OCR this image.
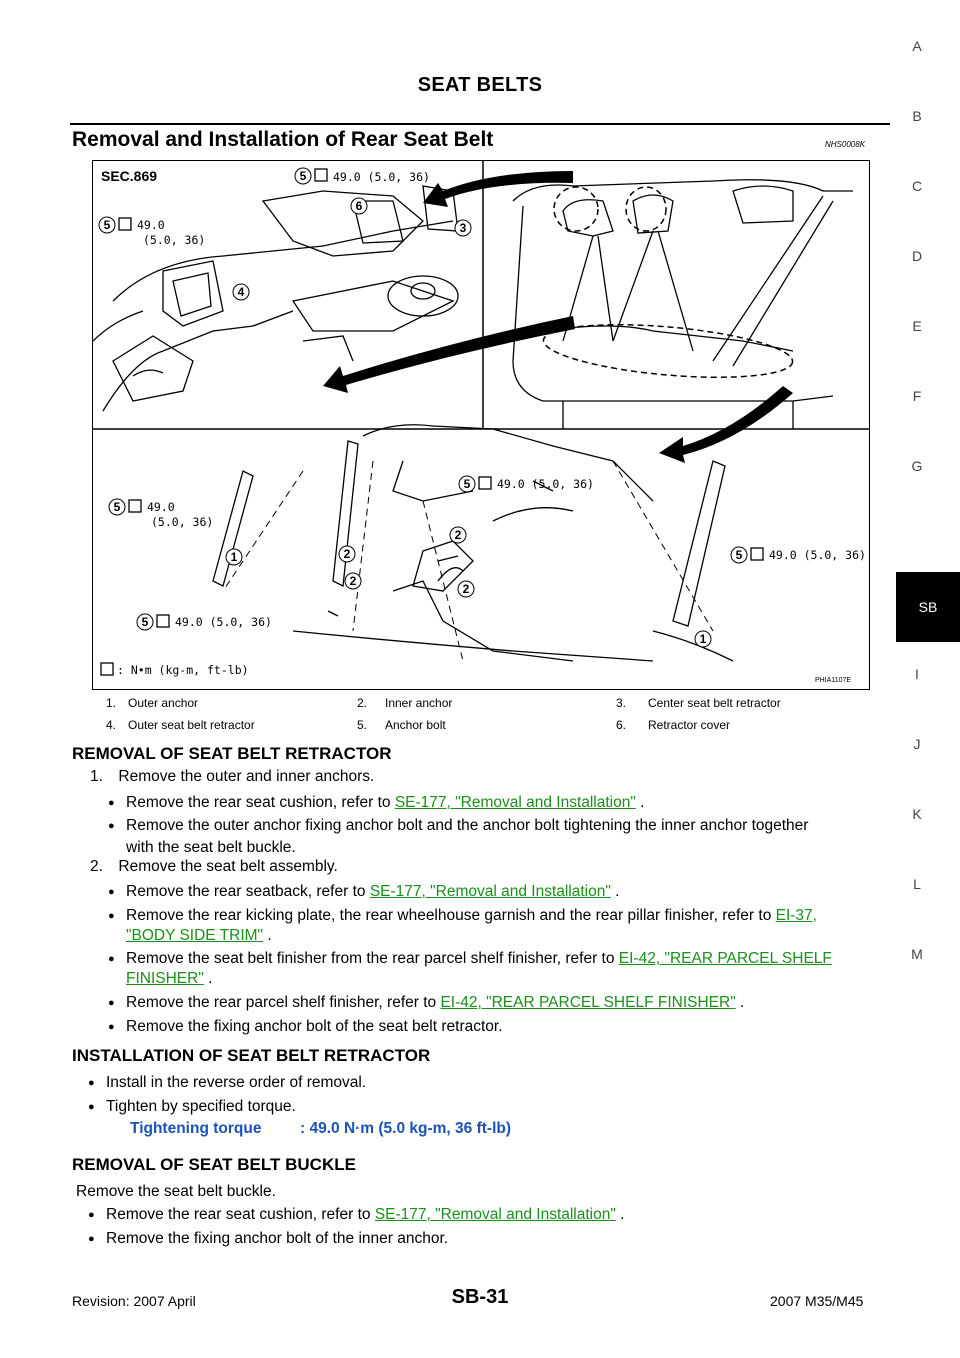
SEAT BELTS
Removal and Installation of Rear Seat Belt	NHS0008K
A
B
C
D
E
F
G
SB
I
J
K
L
M
5
6
3
5
4
5
5
2
1	2	5
2
2
5
1
SEC.869	49.0 (5.0, 36)
49.0
(5.0, 36)
49.0 (5.0, 36)
49.0
(5.0, 36)
49.0 (5.0, 36)
49.0 (5.0, 36)
: N•m (kg-m, ft-lb)
PHIA1107E
1. Outer anchor	2. Inner anchor	3. Center seat belt retractor
4. Outer seat belt retractor	5. Anchor bolt	6. Retractor cover
REMOVAL OF SEAT BELT RETRACTOR
1. Remove the outer and inner anchors.
● Remove the rear seat cushion, refer to SE-177, "Removal and Installation" .
● Remove the outer anchor fixing anchor bolt and the anchor bolt tightening the inner anchor together
with the seat belt buckle.
2. Remove the seat belt assembly.
● Remove the rear seatback, refer to SE-177, "Removal and Installation" .
● Remove the rear kicking plate, the rear wheelhouse garnish and the rear pillar finisher, refer to EI-37,
"BODY SIDE TRIM" .
● Remove the seat belt finisher from the rear parcel shelf finisher, refer to EI-42, "REAR PARCEL SHELF
FINISHER" .
● Remove the rear parcel shelf finisher, refer to EI-42, "REAR PARCEL SHELF FINISHER" .
● Remove the fixing anchor bolt of the seat belt retractor.
INSTALLATION OF SEAT BELT RETRACTOR
● Install in the reverse order of removal.
● Tighten by specified torque.
Tightening torque : 49.0 N·m (5.0 kg-m, 36 ft-lb)
REMOVAL OF SEAT BELT BUCKLE
Remove the seat belt buckle.
● Remove the rear seat cushion, refer to SE-177, "Removal and Installation" .
● Remove the fixing anchor bolt of the inner anchor.
Revision: 2007 April	SB-31	2007 M35/M45
